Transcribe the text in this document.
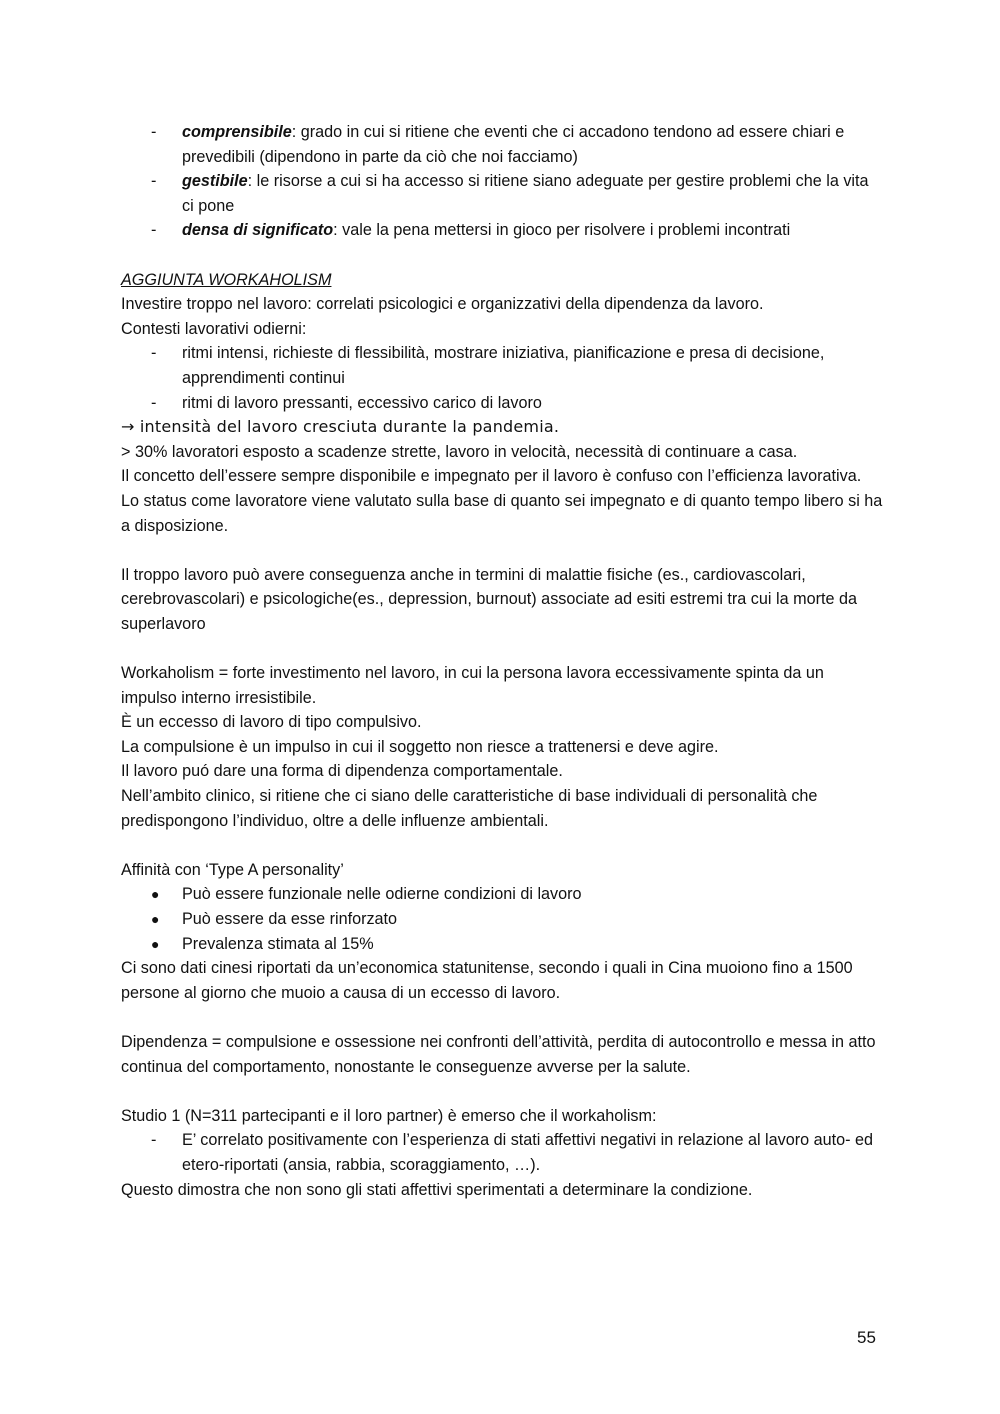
- comprensibile: grado in cui si ritiene che eventi che ci accadono tendono ad essere chiari e prevedibili (dipendono in parte da ciò che noi facciamo)
- gestibile: le risorse a cui si ha accesso si ritiene siano adeguate per gestire problemi che la vita ci pone
- densa di significato: vale la pena mettersi in gioco per risolvere i problemi incontrati

AGGIUNTA WORKAHOLISM

Investire troppo nel lavoro: correlati psicologici e organizzativi della dipendenza da lavoro.

Contesti lavorativi odierni:

- ritmi intensi, richieste di flessibilità, mostrare iniziativa, pianificazione e presa di decisione, apprendimenti continui
- ritmi di lavoro pressanti, eccessivo carico di lavoro

→ intensità del lavoro cresciuta durante la pandemia.

> 30% lavoratori esposto a scadenze strette, lavoro in velocità, necessità di continuare a casa.

Il concetto dell’essere sempre disponibile e impegnato per il lavoro è confuso con l’efficienza lavorativa.

Lo status come lavoratore viene valutato sulla base di quanto sei impegnato e di quanto tempo libero si ha a disposizione.

Il troppo lavoro può avere conseguenza anche in termini di malattie fisiche (es., cardiovascolari, cerebrovascolari) e psicologiche(es., depression, burnout) associate ad esiti estremi tra cui la morte da superlavoro

Workaholism = forte investimento nel lavoro, in cui la persona lavora eccessivamente spinta da un impulso interno irresistibile.

È un eccesso di lavoro di tipo compulsivo.

La compulsione è un impulso in cui il soggetto non riesce a trattenersi e deve agire.

Il lavoro puó dare una forma di dipendenza comportamentale.

Nell’ambito clinico, si ritiene che ci siano delle caratteristiche di base individuali di personalità che predispongono l’individuo, oltre a delle influenze ambientali.

Affinità con ‘Type A personality’

● Può essere funzionale nelle odierne condizioni di lavoro
● Può essere da esse rinforzato
● Prevalenza stimata al 15%

Ci sono dati cinesi riportati da un’economica statunitense, secondo i quali in Cina muoiono fino a 1500 persone al giorno che muoio a causa di un eccesso di lavoro.

Dipendenza = compulsione e ossessione nei confronti dell’attività, perdita di autocontrollo e messa in atto continua del comportamento, nonostante le conseguenze avverse per la salute.

Studio 1 (N=311 partecipanti e il loro partner) è emerso che il workaholism:

- E’ correlato positivamente con l’esperienza di stati affettivi negativi in relazione al lavoro auto- ed etero-riportati (ansia, rabbia, scoraggiamento, …).

Questo dimostra che non sono gli stati affettivi sperimentati a determinare la condizione.

55
